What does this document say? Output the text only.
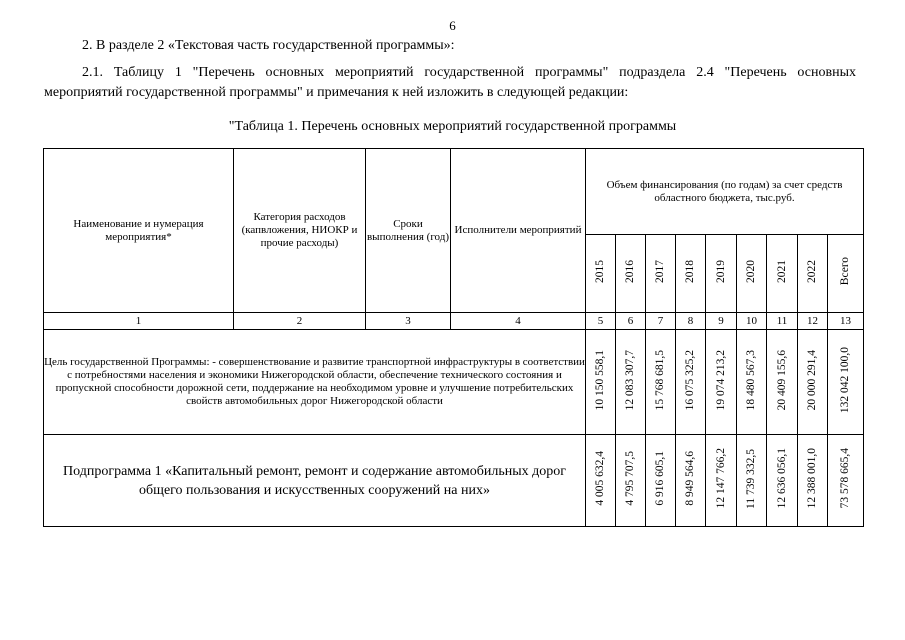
6
2. В разделе 2 «Текстовая часть государственной программы»:
2.1. Таблицу 1 "Перечень основных мероприятий государственной программы" подраздела 2.4 "Перечень основных мероприятий государственной программы" и примечания к ней изложить в следующей редакции:
"Таблица 1. Перечень основных мероприятий государственной программы
Наименование и нумерация мероприятия*	Категория расходов (капвложения, НИОКР и прочие расходы)	Сроки выполнения (год)	Исполнители мероприятий	Объем финансирования (по годам) за счет средств областного бюджета, тыс.руб.								
				2015	2016	2017	2018	2019	2020	2021	2022	Всего
1	2	3	4	5	6	7	8	9	10	11	12	13
Цель государственной Программы: - совершенствование и развитие транспортной инфраструктуры в соответствии с потребностями населения и экономики Нижегородской области, обеспечение технического состояния и пропускной способности дорожной сети, поддержание на необходимом уровне и улучшение потребительских свойств автомобильных дорог Нижегородской области				10 150 558,1	12 083 307,7	15 768 681,5	16 075 325,2	19 074 213,2	18 480 567,3	20 409 155,6	20 000 291,4	132 042 100,0
Подпрограмма 1 «Капитальный ремонт, ремонт и содержание автомобильных дорог общего пользования и искусственных сооружений на них»				4 005 632,4	4 795 707,5	6 916 605,1	8 949 564,6	12 147 766,2	11 739 332,5	12 636 056,1	12 388 001,0	73 578 665,4
